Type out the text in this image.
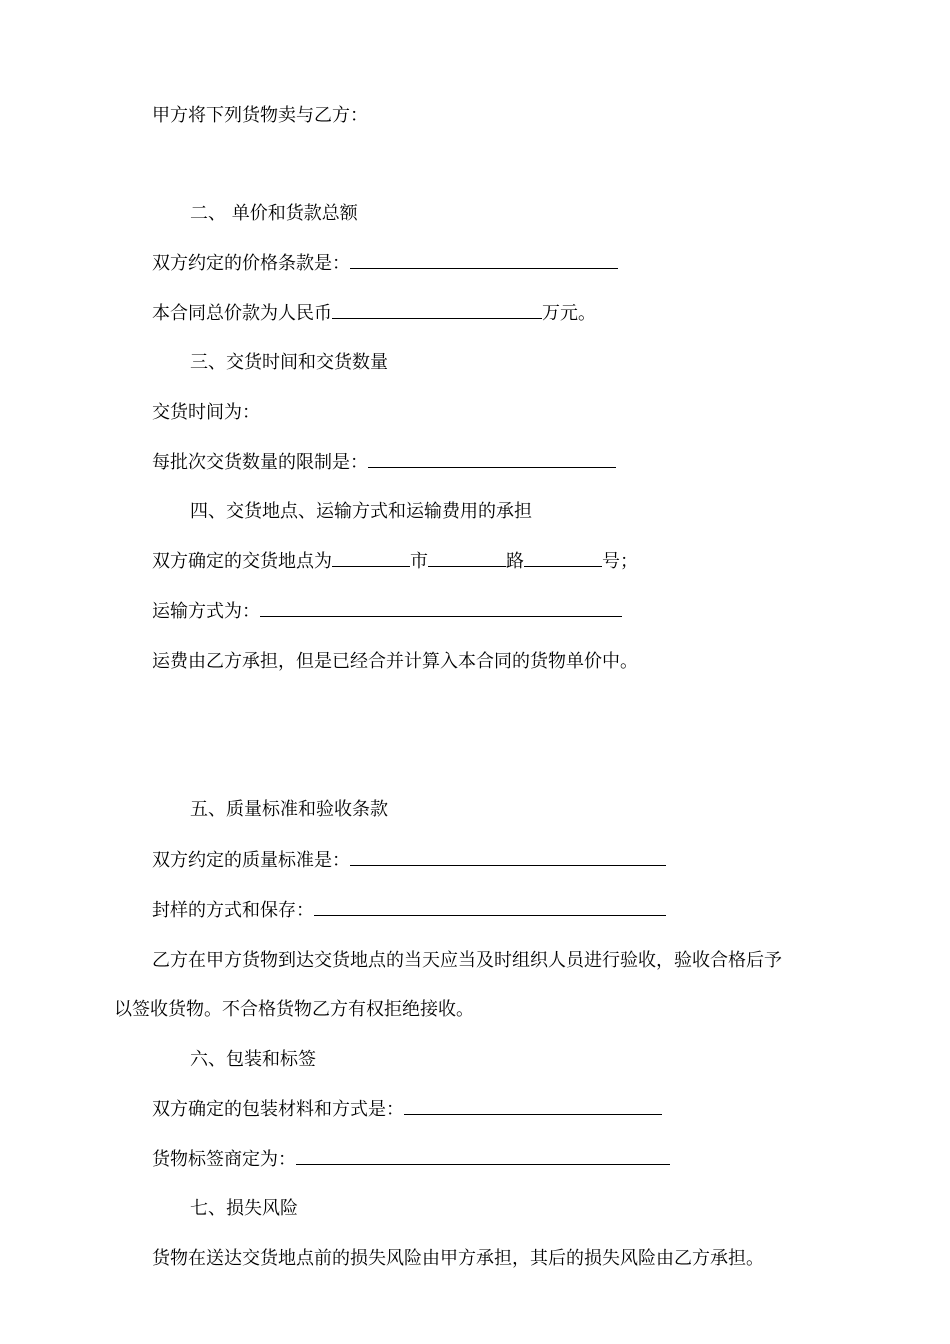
甲方将下列货物卖与乙方：
二、 单价和货款总额
双方约定的价格条款是：
本合同总价款为人民币	万元。
三、交货时间和交货数量
交货时间为：
每批次交货数量的限制是：
四、交货地点、运输方式和运输费用的承担
双方确定的交货地点为	市	路	号；
运输方式为：
运费由乙方承担，但是已经合并计算入本合同的货物单价中。
五、质量标准和验收条款
双方约定的质量标准是：
封样的方式和保存：
乙方在甲方货物到达交货地点的当天应当及时组织人员进行验收，验收合格后予
以签收货物。不合格货物乙方有权拒绝接收。
六、包装和标签
双方确定的包装材料和方式是：
货物标签商定为：
七、损失风险
货物在送达交货地点前的损失风险由甲方承担，其后的损失风险由乙方承担。
